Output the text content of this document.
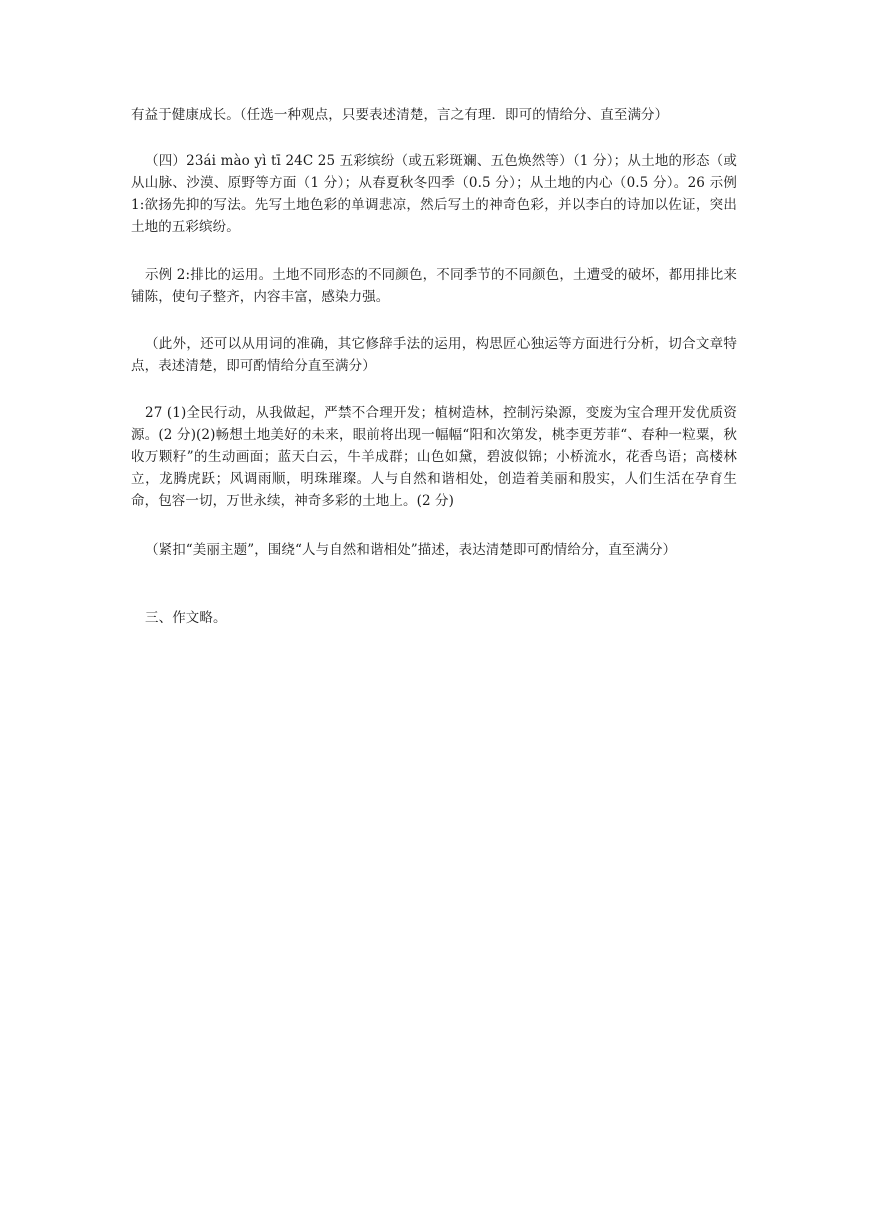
有益于健康成长。（任选一种观点，只要表述清楚，言之有理．即可的情给分、直至满分）

（四）23ái mào yì tī 24C 25 五彩缤纷（或五彩斑斓、五色焕然等）（1 分）；从土地的形态（或从山脉、沙漠、原野等方面（1 分）；从春夏秋冬四季（0.5 分）；从土地的内心（0.5 分）。26 示例 1:欲扬先抑的写法。先写土地色彩的单调悲凉，然后写土的神奇色彩，并以李白的诗加以佐证，突出土地的五彩缤纷。

示例 2:排比的运用。土地不同形态的不同颜色，不同季节的不同颜色，土遭受的破坏，都用排比来铺陈，使句子整齐，内容丰富，感染力强。

（此外，还可以从用词的准确，其它修辞手法的运用，构思匠心独运等方面进行分析，切合文章特点，表述清楚，即可酌情给分直至满分）

27 (1)全民行动，从我做起，严禁不合理开发；植树造林，控制污染源，变废为宝合理开发优质资源。(2 分)(2)畅想土地美好的未来，眼前将出现一幅幅“阳和次第发，桃李更芳菲“、春种一粒粟，秋收万颗籽”的生动画面；蓝天白云，牛羊成群；山色如黛，碧波似锦；小桥流水，花香鸟语；高楼林立，龙腾虎跃；风调雨顺，明珠璀璨。人与自然和谐相处，创造着美丽和殷实，人们生活在孕育生命，包容一切，万世永续，神奇多彩的土地上。(2 分)

（紧扣“美丽主题”，围绕“人与自然和谐相处”描述，表达清楚即可酌情给分，直至满分）

三、作文略。
